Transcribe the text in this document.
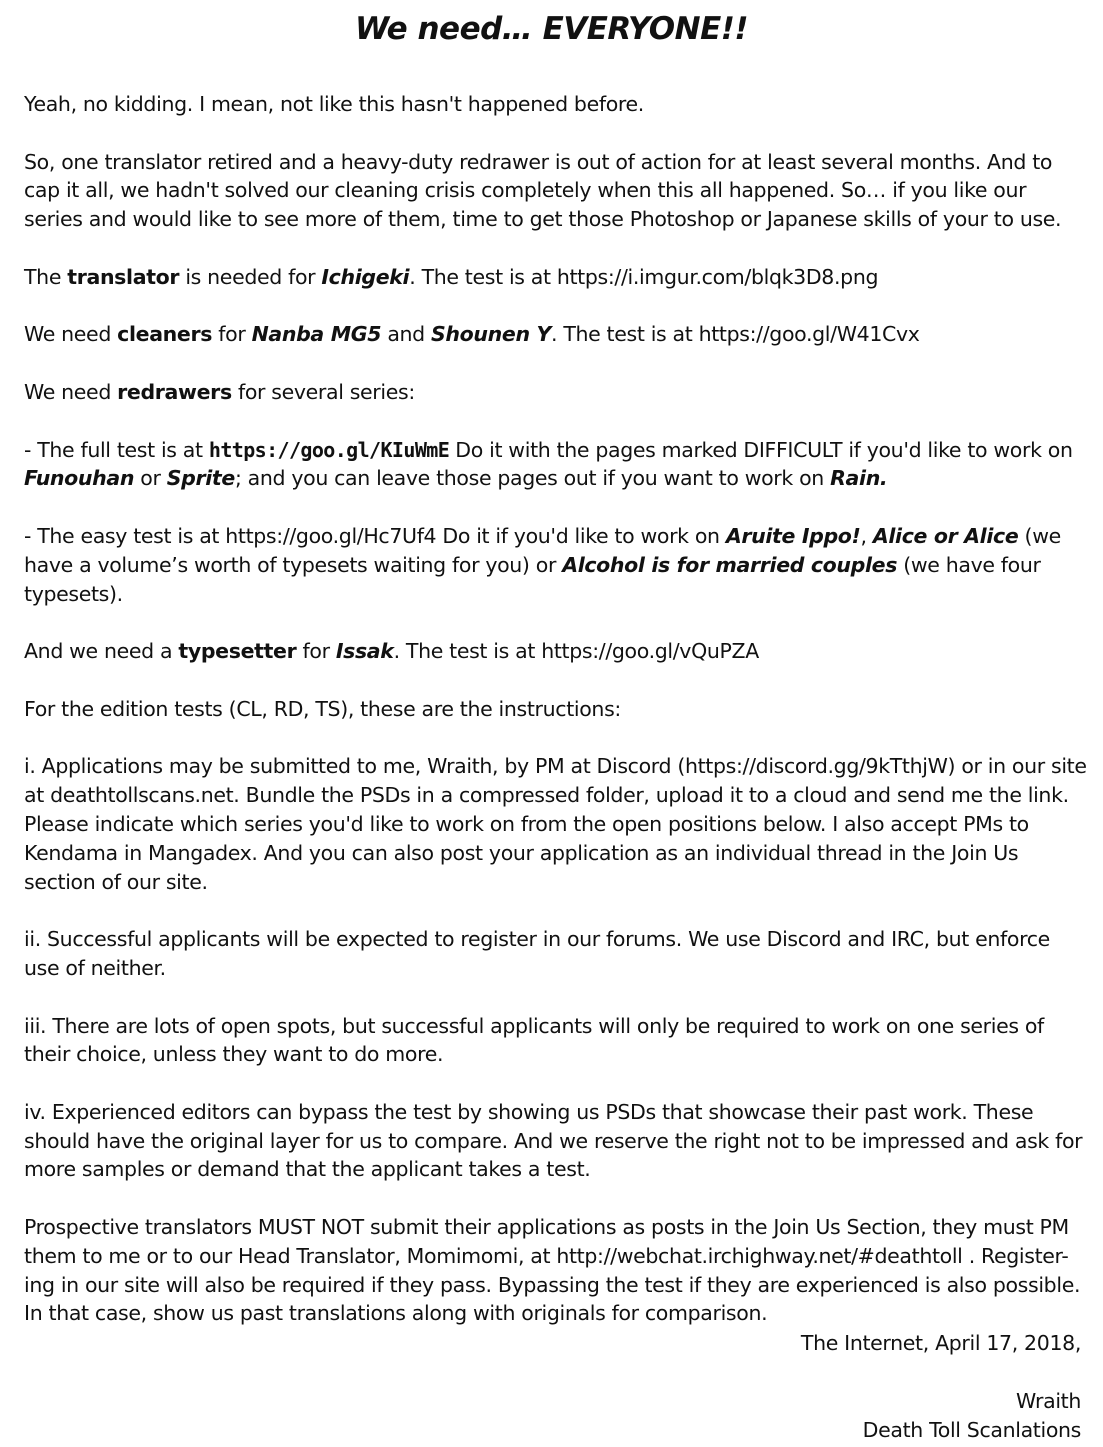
We need… EVERYONE!!

Yeah, no kidding. I mean, not like this hasn't happened before.

So, one translator retired and a heavy-duty redrawer is out of action for at least several months. And to cap it all, we hadn't solved our cleaning crisis completely when this all happened. So… if you like our series and would like to see more of them, time to get those Photoshop or Japanese skills of your to use.

The translator is needed for Ichigeki. The test is at https://i.imgur.com/blqk3D8.png

We need cleaners for Nanba MG5 and Shounen Y. The test is at https://goo.gl/W41Cvx

We need redrawers for several series:

- The full test is at https://goo.gl/KIuWmE Do it with the pages marked DIFFICULT if you'd like to work on Funouhan or Sprite; and you can leave those pages out if you want to work on Rain.

- The easy test is at https://goo.gl/Hc7Uf4 Do it if you'd like to work on Aruite Ippo!, Alice or Alice (we have a volume’s worth of typesets waiting for you) or Alcohol is for married couples (we have four typesets).

And we need a typesetter for Issak. The test is at https://goo.gl/vQuPZA

For the edition tests (CL, RD, TS), these are the instructions:

i. Applications may be submitted to me, Wraith, by PM at Discord (https://discord.gg/9kTthjW) or in our site at deathtollscans.net. Bundle the PSDs in a compressed folder, upload it to a cloud and send me the link. Please indicate which series you'd like to work on from the open positions below. I also accept PMs to Kendama in Mangadex. And you can also post your application as an individual thread in the Join Us section of our site.

ii. Successful applicants will be expected to register in our forums. We use Discord and IRC, but enforce use of neither.

iii. There are lots of open spots, but successful applicants will only be required to work on one series of their choice, unless they want to do more.

iv. Experienced editors can bypass the test by showing us PSDs that showcase their past work. These should have the original layer for us to compare. And we reserve the right not to be impressed and ask for more samples or demand that the applicant takes a test.

Prospective translators MUST NOT submit their applications as posts in the Join Us Section, they must PM them to me or to our Head Translator, Momimomi, at http://webchat.irchighway.net/#deathtoll . Register-ing in our site will also be required if they pass. Bypassing the test if they are experienced is also possible. In that case, show us past translations along with originals for comparison.

The Internet, April 17, 2018,
Wraith
Death Toll Scanlations
